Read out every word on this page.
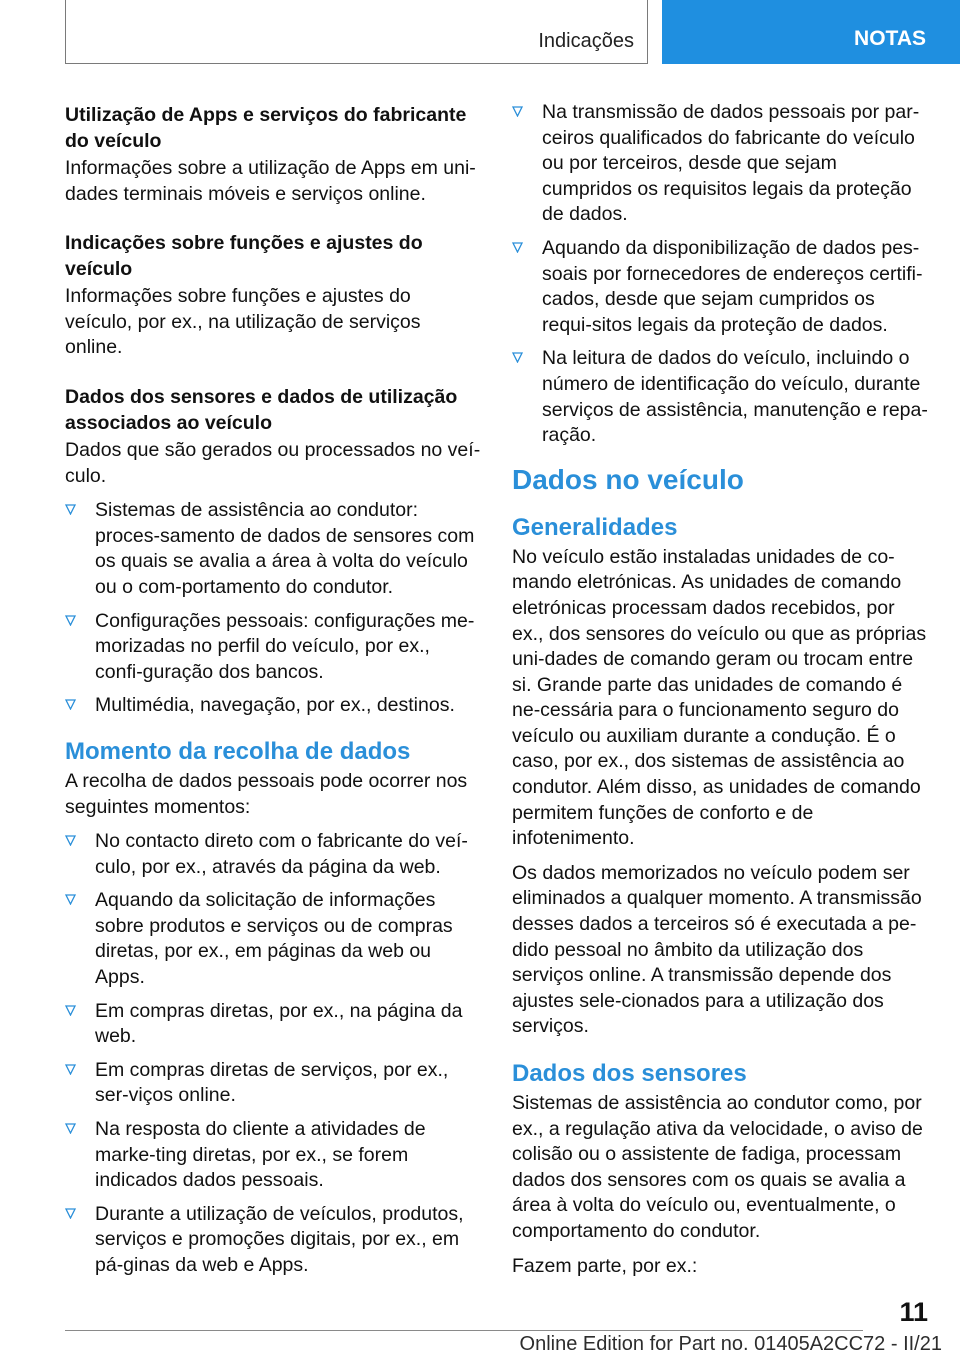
Indicações	NOTAS
Utilização de Apps e serviços do fabricante do veículo

Informações sobre a utilização de Apps em uni-dades terminais móveis e serviços online.

Indicações sobre funções e ajustes do veículo

Informações sobre funções e ajustes do veículo, por ex., na utilização de serviços online.

Dados dos sensores e dados de utilização associados ao veículo

Dados que são gerados ou processados no veí-culo.

Sistemas de assistência ao condutor: proces-samento de dados de sensores com os quais se avalia a área à volta do veículo ou o com-portamento do condutor.
Configurações pessoais: configurações me-morizadas no perfil do veículo, por ex., confi-guração dos bancos.
Multimédia, navegação, por ex., destinos.
Momento da recolha de dados

A recolha de dados pessoais pode ocorrer nos seguintes momentos:

No contacto direto com o fabricante do veí-culo, por ex., através da página da web.
Aquando da solicitação de informações sobre produtos e serviços ou de compras diretas, por ex., em páginas da web ou Apps.
Em compras diretas, por ex., na página da web.
Em compras diretas de serviços, por ex., ser-viços online.
Na resposta do cliente a atividades de marke-ting diretas, por ex., se forem indicados dados pessoais.
Durante a utilização de veículos, produtos, serviços e promoções digitais, por ex., em pá-ginas da web e Apps.
Na transmissão de dados pessoais por par-ceiros qualificados do fabricante do veículo ou por terceiros, desde que sejam cumpridos os requisitos legais da proteção de dados.
Aquando da disponibilização de dados pes-soais por fornecedores de endereços certifi-cados, desde que sejam cumpridos os requi-sitos legais da proteção de dados.
Na leitura de dados do veículo, incluindo o número de identificação do veículo, durante serviços de assistência, manutenção e repa-ração.
Dados no veículo
Generalidades

No veículo estão instaladas unidades de co-mando eletrónicas. As unidades de comando eletrónicas processam dados recebidos, por ex., dos sensores do veículo ou que as próprias uni-dades de comando geram ou trocam entre si. Grande parte das unidades de comando é ne-cessária para o funcionamento seguro do veículo ou auxiliam durante a condução. É o caso, por ex., dos sistemas de assistência ao condutor. Além disso, as unidades de comando permitem funções de conforto e de infotenimento.

Os dados memorizados no veículo podem ser eliminados a qualquer momento. A transmissão desses dados a terceiros só é executada a pe-dido pessoal no âmbito da utilização dos serviços online. A transmissão depende dos ajustes sele-cionados para a utilização dos serviços.

Dados dos sensores

Sistemas de assistência ao condutor como, por ex., a regulação ativa da velocidade, o aviso de colisão ou o assistente de fadiga, processam dados dos sensores com os quais se avalia a área à volta do veículo ou, eventualmente, o comportamento do condutor.

Fazem parte, por ex.:

11
Online Edition for Part no. 01405A2CC72 - II/21
